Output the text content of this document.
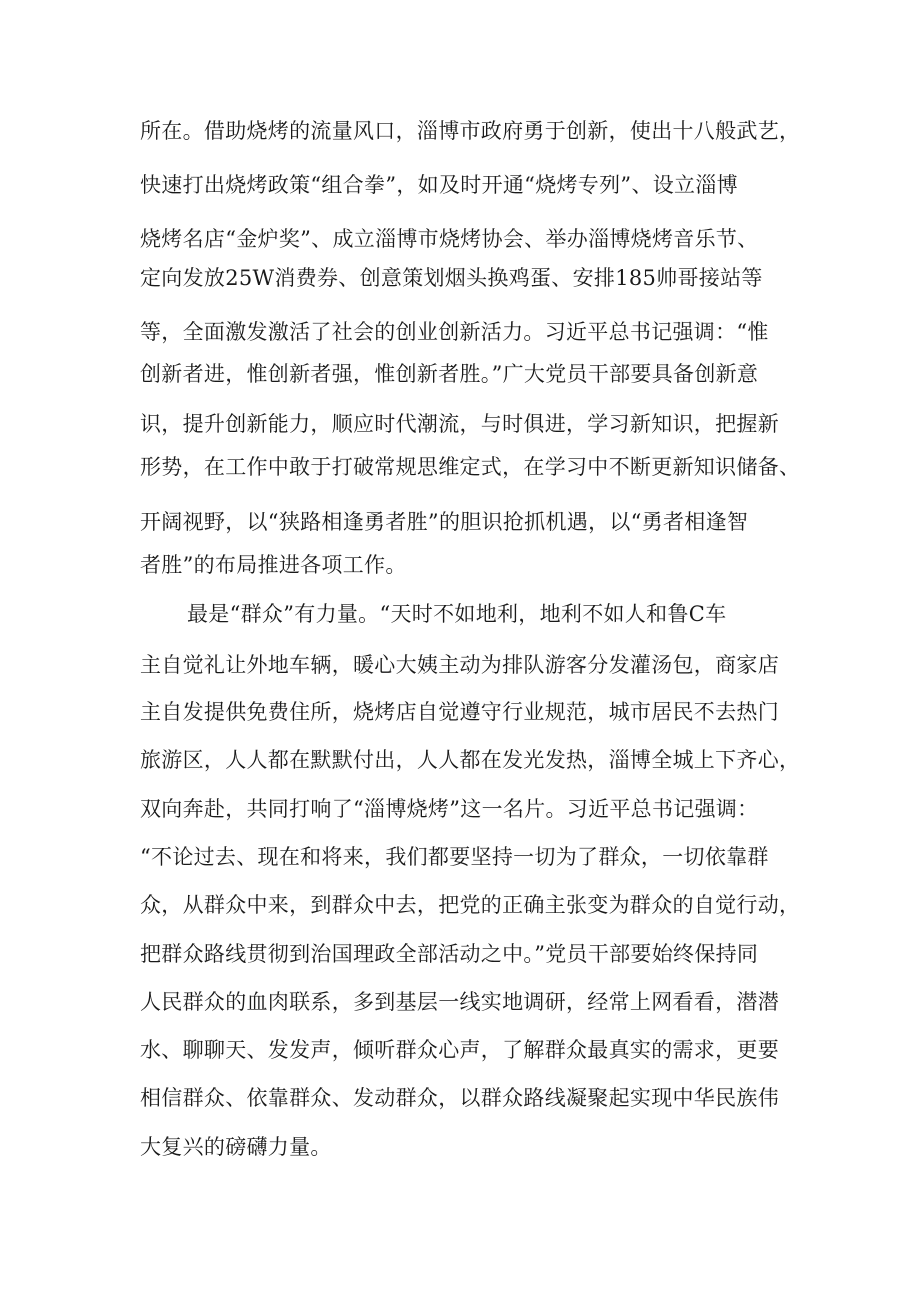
所在。借助烧烤的流量风口，淄博市政府勇于创新，使出十八般武艺，
快速打出烧烤政策“组合拳”，如及时开通“烧烤专列”、设立淄博
烧烤名店“金炉奖”、成立淄博市烧烤协会、举办淄博烧烤音乐节、
定向发放25W消费券、创意策划烟头换鸡蛋、安排185帅哥接站等
等，全面激发激活了社会的创业创新活力。习近平总书记强调：“惟
创新者进，惟创新者强，惟创新者胜。”广大党员干部要具备创新意
识，提升创新能力，顺应时代潮流，与时俱进，学习新知识，把握新
形势，在工作中敢于打破常规思维定式，在学习中不断更新知识储备、
开阔视野，以“狭路相逢勇者胜”的胆识抢抓机遇，以“勇者相逢智
者胜”的布局推进各项工作。
最是“群众”有力量。“天时不如地利，地利不如人和鲁C车
主自觉礼让外地车辆，暖心大姨主动为排队游客分发灌汤包，商家店
主自发提供免费住所，烧烤店自觉遵守行业规范，城市居民不去热门
旅游区，人人都在默默付出，人人都在发光发热，淄博全城上下齐心，
双向奔赴，共同打响了“淄博烧烤”这一名片。习近平总书记强调：
“不论过去、现在和将来，我们都要坚持一切为了群众，一切依靠群
众，从群众中来，到群众中去，把党的正确主张变为群众的自觉行动，
把群众路线贯彻到治国理政全部活动之中。”党员干部要始终保持同
人民群众的血肉联系，多到基层一线实地调研，经常上网看看，潜潜
水、聊聊天、发发声，倾听群众心声，了解群众最真实的需求，更要
相信群众、依靠群众、发动群众，以群众路线凝聚起实现中华民族伟
大复兴的磅礴力量。
